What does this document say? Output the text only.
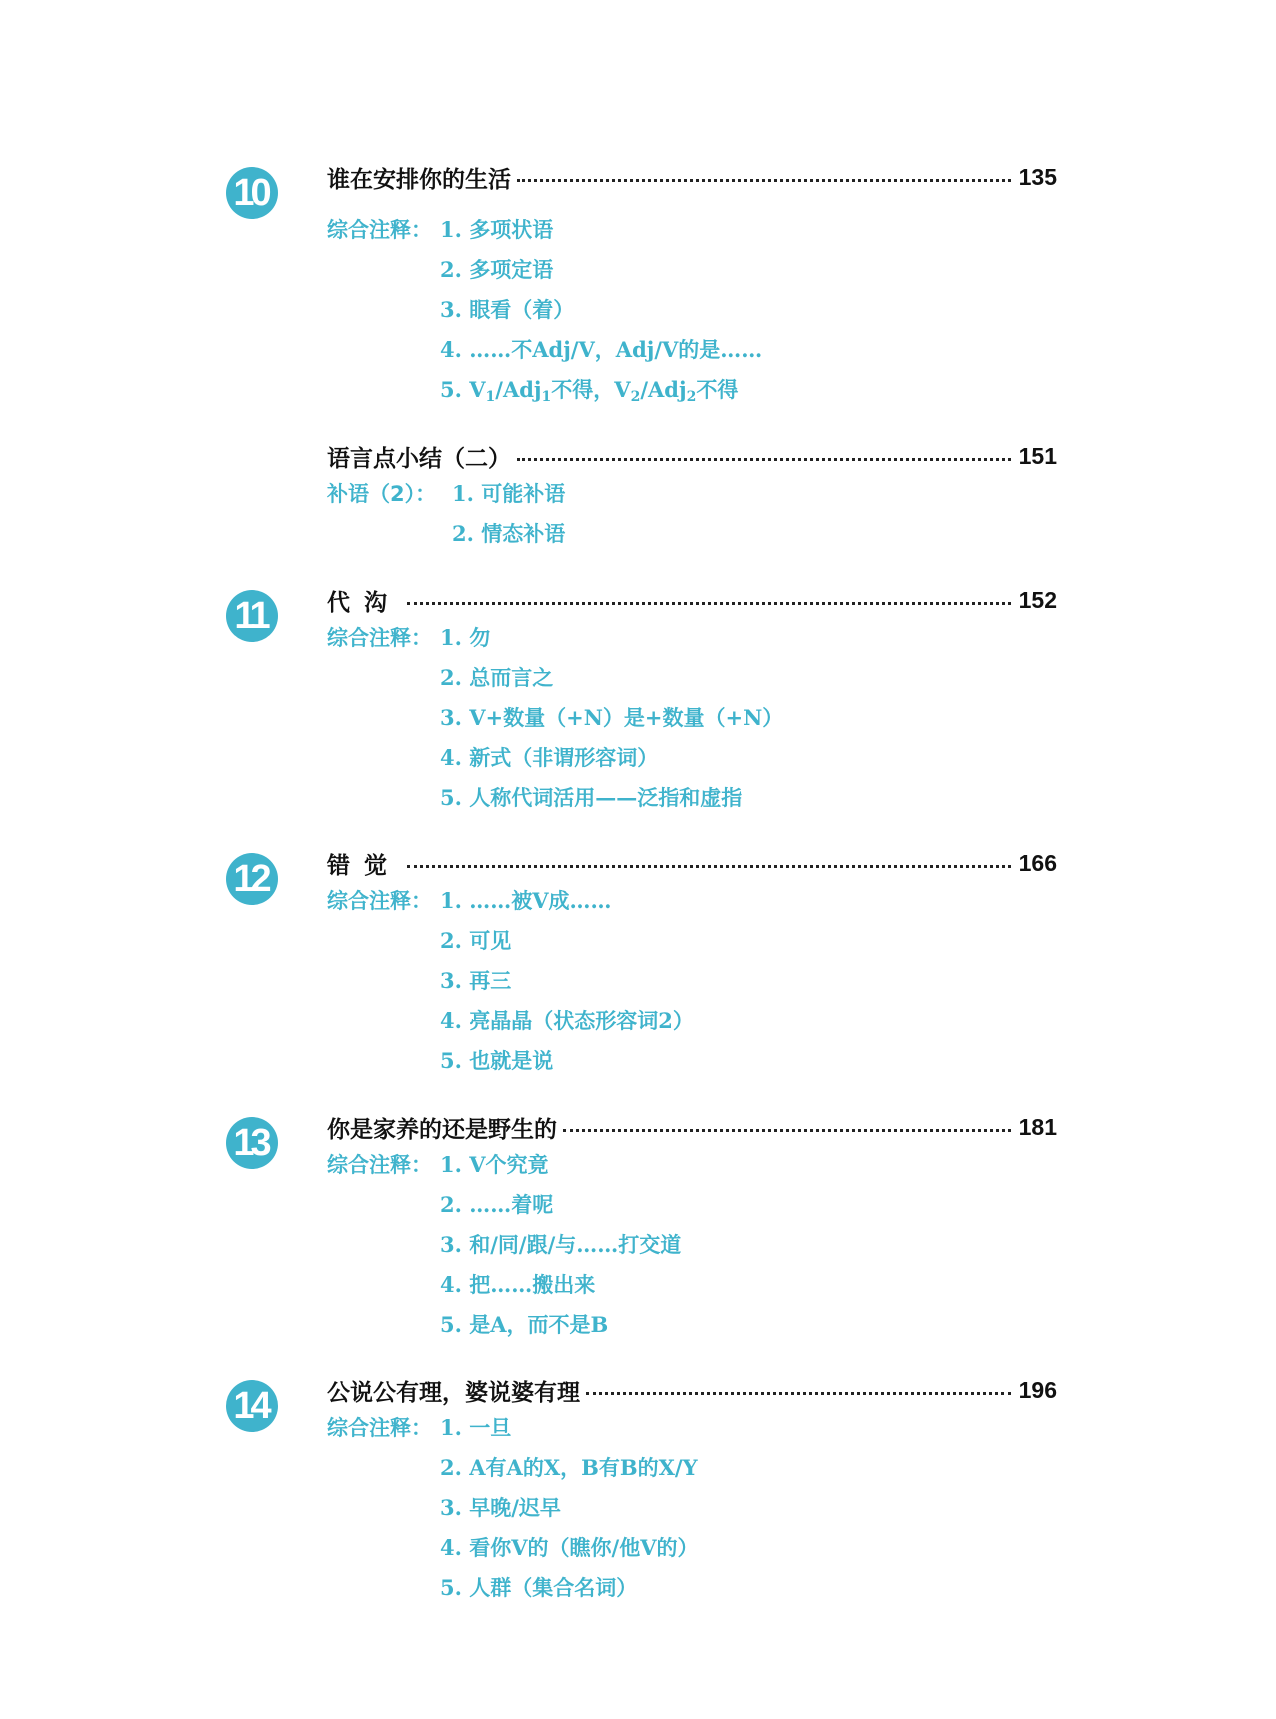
10	谁在安排你的生活	135
综合注释： 1. 多项状语
2. 多项定语
3. 眼看（着）
4. ……不Adj/V，Adj/V的是……
5. $V_1/Adj_1$不得，$V_2/Adj_2$不得
语言点小结（二）	151
补语（2）： 1. 可能补语
2. 情态补语
11	代沟	152
综合注释： 1. 勿
2. 总而言之
3. V+数量（+N）是+数量（+N）
4. 新式（非谓形容词）
5. 人称代词活用——泛指和虚指
12	错觉	166
综合注释： 1. ……被V成……
2. 可见
3. 再三
4. 亮晶晶（状态形容词2）
5. 也就是说
13	你是家养的还是野生的	181
综合注释： 1. V个究竟
2. ……着呢
3. 和/同/跟/与……打交道
4. 把……搬出来
5. 是A，而不是B
14	公说公有理，婆说婆有理	196
综合注释： 1. 一旦
2. A有A的X，B有B的X/Y
3. 早晚/迟早
4. 看你V的（瞧你/他V的）
5. 人群（集合名词）
